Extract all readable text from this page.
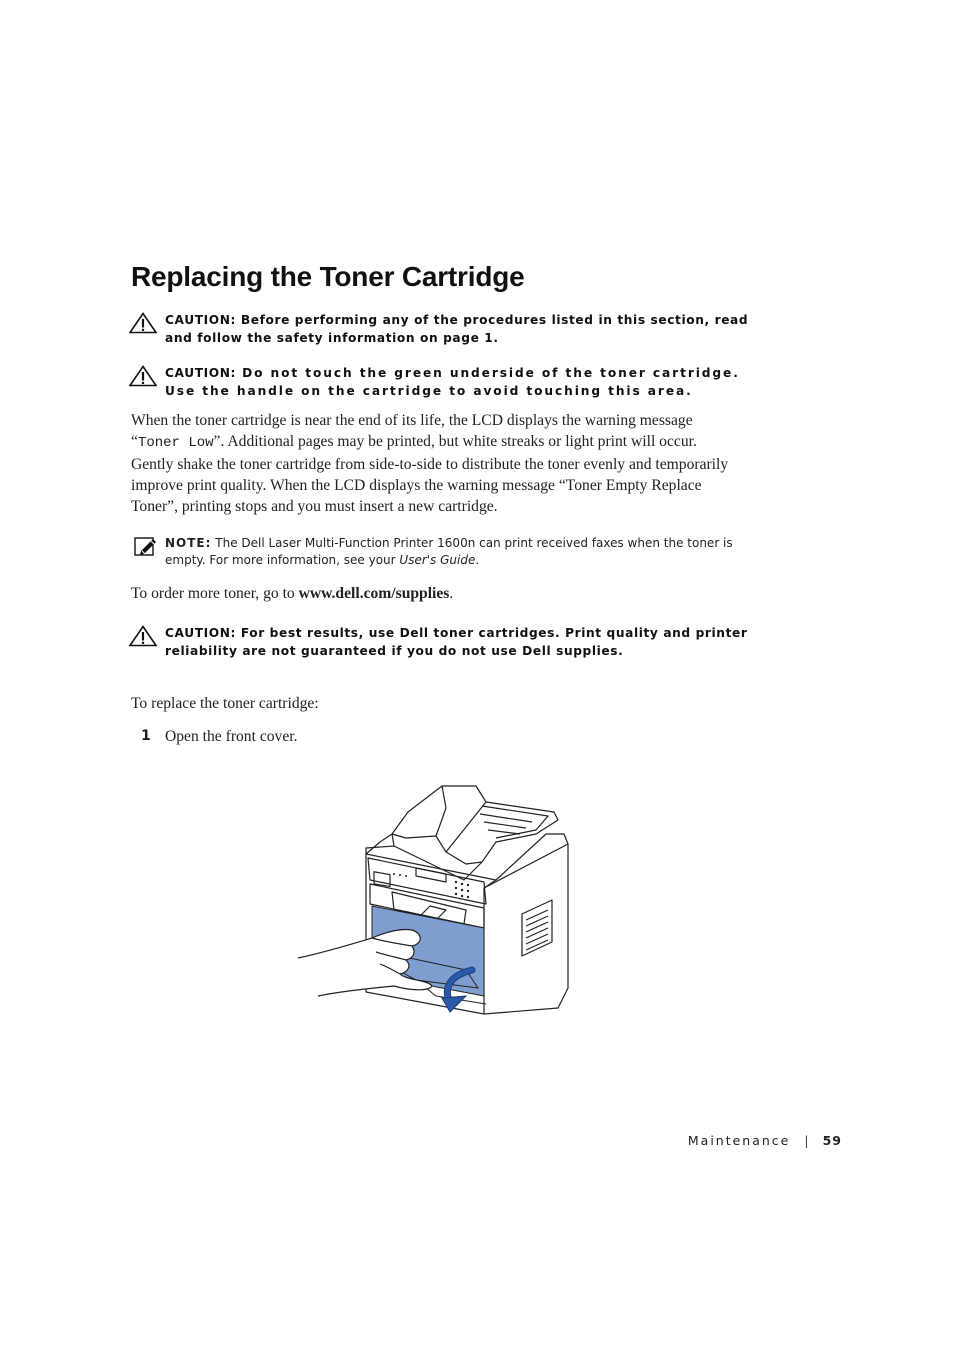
Replacing the Toner Cartridge
CAUTION: Before performing any of the procedures listed in this section, read and follow the safety information on page 1.
CAUTION: Do not touch the green underside of the toner cartridge. Use the handle on the cartridge to avoid touching this area.

When the toner cartridge is near the end of its life, the LCD displays the warning message “Toner Low”. Additional pages may be printed, but white streaks or light print will occur. Gently shake the toner cartridge from side-to-side to distribute the toner evenly and temporarily improve print quality. When the LCD displays the warning message “Toner Empty Replace Toner”, printing stops and you must insert a new cartridge.

NOTE: The Dell Laser Multi-Function Printer 1600n can print received faxes when the toner is empty. For more information, see your User's Guide.

To order more toner, go to www.dell.com/supplies.

CAUTION: For best results, use Dell toner cartridges. Print quality and printer reliability are not guaranteed if you do not use Dell supplies.

To replace the toner cartridge:

1 Open the front cover.
Maintenance | 59
